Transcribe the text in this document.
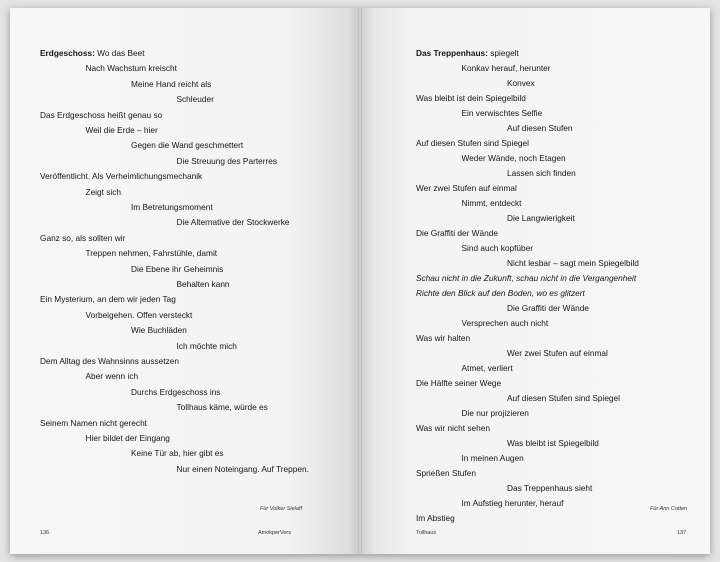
Erdgeschoss: Wo das Beet
Nach Wachstum kreischt
Meine Hand reicht als
Schleuder
Das Erdgeschoss heißt genau so
Weil die Erde – hier
Gegen die Wand geschmettert
Die Streuung des Parterres
Veröffentlicht. Als Verheimlichungsmechanik
Zeigt sich
Im Betretungsmoment
Die Alternative der Stockwerke
Ganz so, als sollten wir
Treppen nehmen, Fahrstühle, damit
Die Ebene ihr Geheimnis
Behalten kann
Ein Mysterium, an dem wir jeden Tag
Vorbeigehen. Offen versteckt
Wie Buchläden
Ich möchte mich
Dem Alltag des Wahnsinns aussetzen
Aber wenn ich
Durchs Erdgeschoss ins
Tollhaus käme, würde es
Seinem Namen nicht gerecht
Hier bildet der Eingang
Keine Tür ab, hier gibt es
Nur einen Noteingang. Auf Treppen.
Für Volker Sielaff
136	AmokperVers
Das Treppenhaus: spiegelt
Konkav herauf, herunter
Konvex
Was bleibt ist dein Spiegelbild
Ein verwischtes Selfie
Auf diesen Stufen
Auf diesen Stufen sind Spiegel
Weder Wände, noch Etagen
Lassen sich finden
Wer zwei Stufen auf einmal
Nimmt, entdeckt
Die Langwierigkeit
Die Graffiti der Wände
Sind auch kopfüber
Nicht lesbar – sagt mein Spiegelbild
Schau nicht in die Zukunft, schau nicht in die Vergangenheit
Richte den Blick auf den Boden, wo es glitzert
Die Graffiti der Wände
Versprechen auch nicht
Was wir halten
Wer zwei Stufen auf einmal
Atmet, verliert
Die Hälfte seiner Wege
Auf diesen Stufen sind Spiegel
Die nur projizieren
Was wir nicht sehen
Was bleibt ist Spiegelbild
In meinen Augen
Sprießen Stufen
Das Treppenhaus sieht
Im Aufstieg herunter, herauf
Im Abstieg
Für Ann Cotten
Tollhaus	137
